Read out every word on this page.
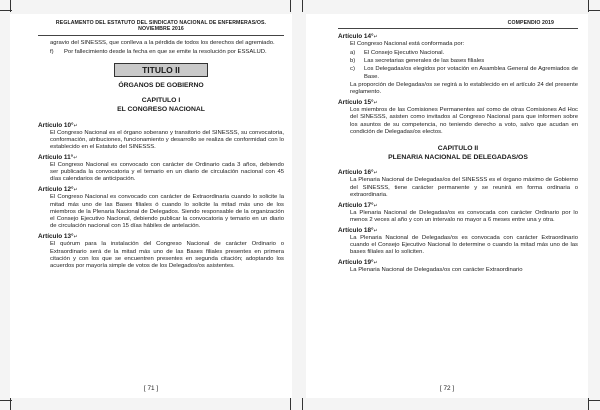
REGLAMENTO DEL ESTATUTO DEL SINDICATO NACIONAL DE ENFERMERAS/OS.
NOVIEMBRE 2016
agravio del SINESSS, que conlleva a la pérdida de todos los derechos del agremiado.
f)	Por fallecimiento desde la fecha en que se emite la resolución por ESSALUD.
TITULO II
ÓRGANOS DE GOBIERNO
CAPITULO I
EL CONGRESO NACIONAL
Artículo 10°↵
El Congreso Nacional es el órgano soberano y transitorio del SINESSS, su convocatoria, conformación, atribuciones, funcionamiento y desarrollo se realiza de conformidad con lo establecido en el Estatuto del SINESSS.
Artículo 11°↵
El Congreso Nacional es convocado con carácter de Ordinario cada 3 años, debiendo ser publicada la convocatoria y el temario en un diario de circulación nacional con 45 días calendarios de anticipación.
Artículo 12°↵
El Congreso Nacional es convocado con carácter de Extraordinaria cuando lo solicite la mitad más uno de las Bases filiales ó cuando lo solicite la mitad más uno de los miembros de la Plenaria Nacional de Delegados. Siendo responsable de la organización el Consejo Ejecutivo Nacional, debiendo publicar la convocatoria y temario en un diario de circulación nacional con 15 días hábiles de antelación.
Artículo 13°↵
El quórum para la instalación del Congreso Nacional de carácter Ordinario o Extraordinario será de la mitad más uno de las Bases filiales presentes en primera citación y con los que se encuentren presentes en segunda citación; adoptando los acuerdos por mayoría simple de votos de los Delegados/os asistentes.
[ 71 ]
COMPENDIO 2019
Artículo 14°↵
El Congreso Nacional está conformada por:
a)	El Consejo Ejecutivo Nacional.
b)	Las secretarias generales de las bases filiales
c)	Los Delegadas/os elegidos por votación en Asamblea General de Agremiados de Base.
La proporción de Delegadas/os se regirá a lo establecido en el artículo 24 del presente reglamento.
Artículo 15°↵
Los miembros de las Comisiones Permanentes así como de otras Comisiones Ad Hoc del SINESSS, asisten como invitados al Congreso Nacional para que informen sobre los asuntos de su competencia, no teniendo derecho a voto, salvo que acudan en condición de Delegadas/os electos.
CAPITULO II
PLENARIA NACIONAL DE DELEGADAS/OS
Artículo 16°↵
La Plenaria Nacional de Delegadas/os del SINESSS es el órgano máximo de Gobierno del SINESSS, tiene carácter permanente y se reunirá en forma ordinaria o extraordinaria.
Artículo 17°↵
La Plenaria Nacional de Delegadas/os es convocada con carácter Ordinario por lo menos 2 veces al año y con un intervalo no mayor a 6 meses entre una y otra.
Artículo 18°↵
La Plenaria Nacional de Delegadas/os es convocada con carácter Extraordinario cuando el Consejo Ejecutivo Nacional lo determine o cuando la mitad más uno de las bases filiales así lo soliciten.
Artículo 19°↵
La Plenaria Nacional de Delegadas/os con carácter Extraordinario
[ 72 ]
